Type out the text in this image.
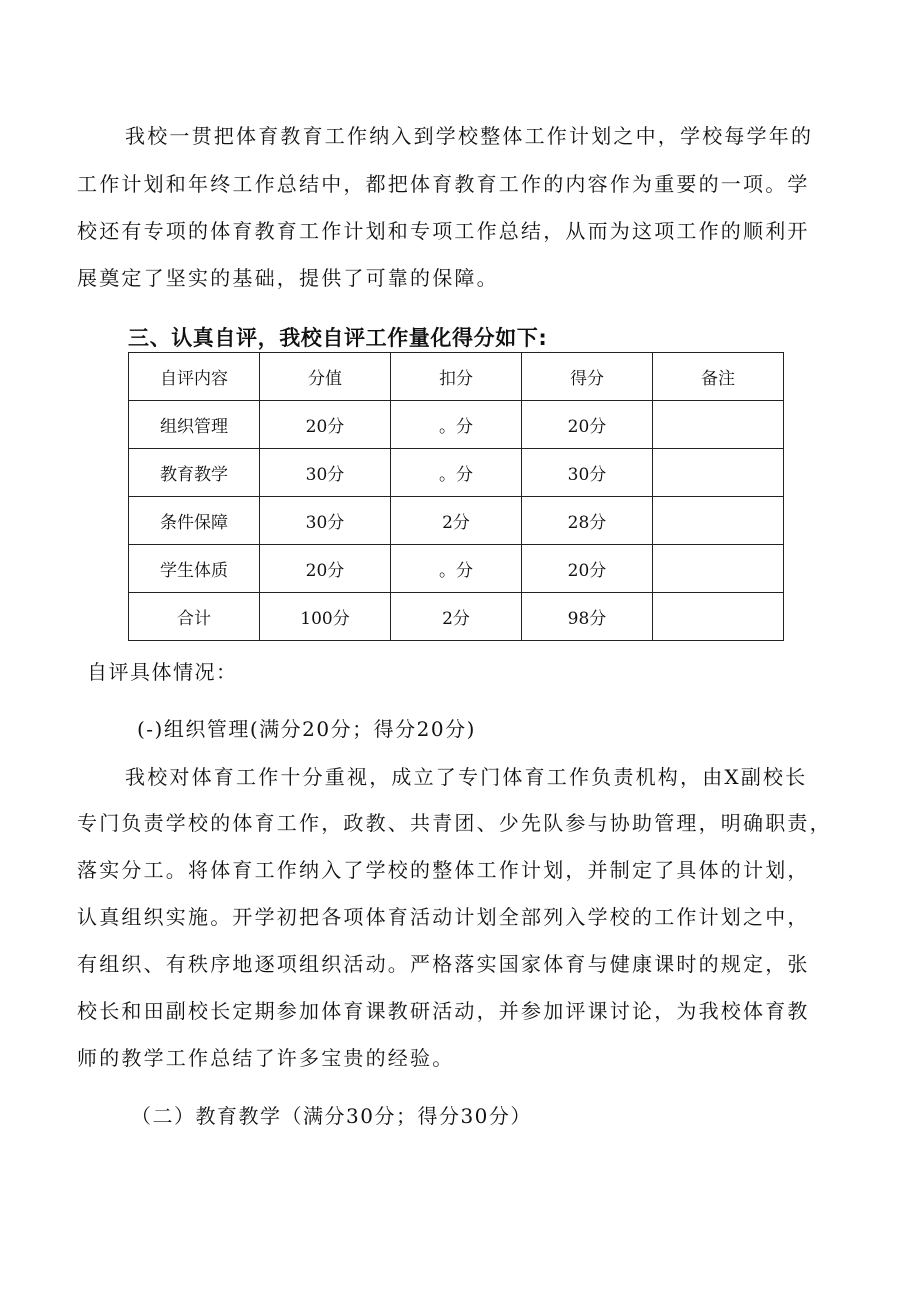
我校一贯把体育教育工作纳入到学校整体工作计划之中，学校每学年的
工作计划和年终工作总结中，都把体育教育工作的内容作为重要的一项。学
校还有专项的体育教育工作计划和专项工作总结，从而为这项工作的顺利开
展奠定了坚实的基础，提供了可靠的保障。
三、认真自评，我校自评工作量化得分如下:
自评内容	分值	扣分	得分	备注
组织管理	20分	。分	20分	
教育教学	30分	。分	30分	
条件保障	30分	2分	28分	
学生体质	20分	。分	20分	
合计	100分	2分	98分	
自评具体情况：
(-)组织管理(满分20分；得分20分)
我校对体育工作十分重视，成立了专门体育工作负责机构，由X副校长
专门负责学校的体育工作，政教、共青团、少先队参与协助管理，明确职责，
落实分工。将体育工作纳入了学校的整体工作计划，并制定了具体的计划，
认真组织实施。开学初把各项体育活动计划全部列入学校的工作计划之中，
有组织、有秩序地逐项组织活动。严格落实国家体育与健康课时的规定，张
校长和田副校长定期参加体育课教研活动，并参加评课讨论，为我校体育教
师的教学工作总结了许多宝贵的经验。
（二）教育教学（满分30分；得分30分）
